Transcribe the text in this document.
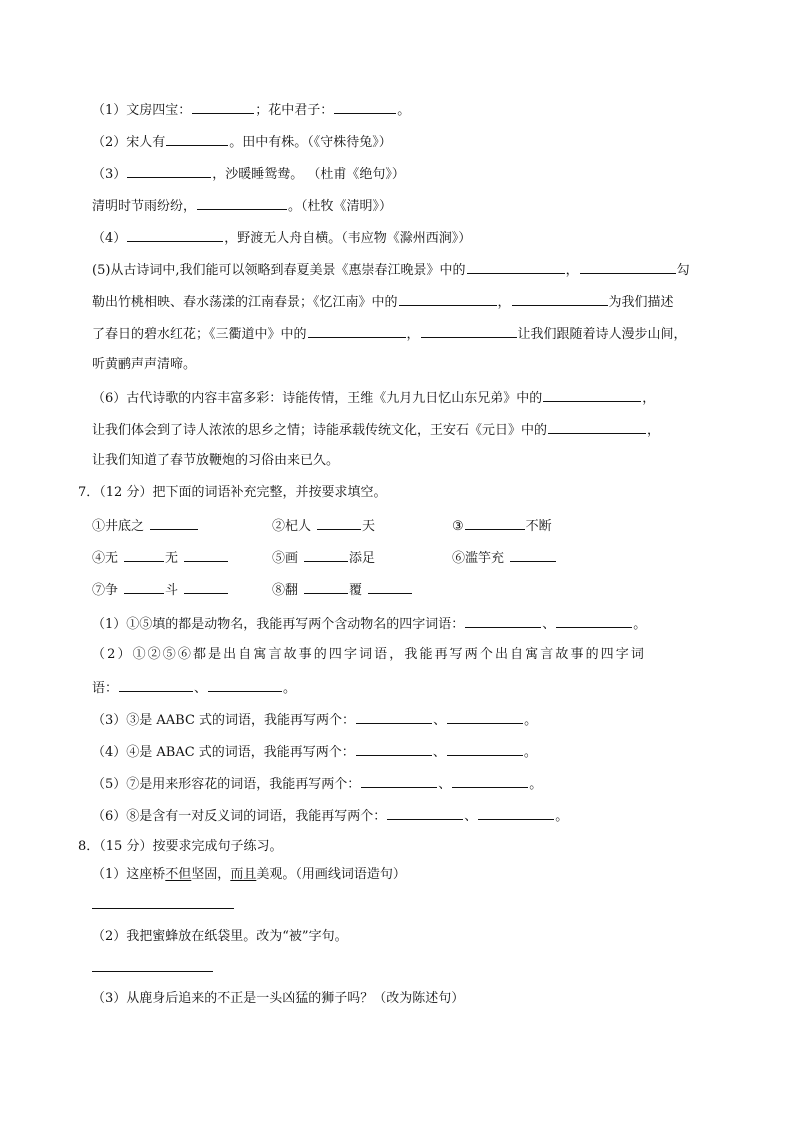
（1）文房四宝：	；花中君子：	。
（2）宋人有	。田中有株。（《守株待兔》）
（3）	，沙暖睡鸳鸯。 （杜甫《绝句》）
清明时节雨纷纷，	。（杜牧《清明》）
（4）	，野渡无人舟自横。（韦应物《滁州西涧》）
(5)从古诗词中,我们能可以领略到春夏美景《惠崇春江晚景》中的	，	勾
勒出竹桃相映、春水荡漾的江南春景；《忆江南》中的	，	为我们描述
了春日的碧水红花；《三衢道中》中的	，	让我们跟随着诗人漫步山间，
听黄鹂声声清啼。
（6）古代诗歌的内容丰富多彩：诗能传情，王维《九月九日忆山东兄弟》中的	，
让我们体会到了诗人浓浓的思乡之情；诗能承载传统文化，王安石《元日》中的	，
让我们知道了春节放鞭炮的习俗由来已久。
7．（12 分）把下面的词语补充完整，并按要求填空。
①井底之	②杞人	天	③	不断
④无	无	⑤画	添足	⑥滥竽充
⑦争	斗	⑧翻	覆
（1）①⑤填的都是动物名，我能再写两个含动物名的四字词语：	、	。
（2）①②⑤⑥都是出自寓言故事的四字词语，我能再写两个出自寓言故事的四字词
语：	、	。
（3）③是 AABC 式的词语，我能再写两个：	、	。
（4）④是 ABAC 式的词语，我能再写两个：	、	。
（5）⑦是用来形容花的词语，我能再写两个：	、	。
（6）⑧是含有一对反义词的词语，我能再写两个：	、	。
8．（15 分）按要求完成句子练习。
（1）这座桥不但坚固，而且美观。（用画线词语造句）
（2）我把蜜蜂放在纸袋里。改为“被”字句。
（3）从鹿身后追来的不正是一头凶猛的狮子吗？（改为陈述句）
